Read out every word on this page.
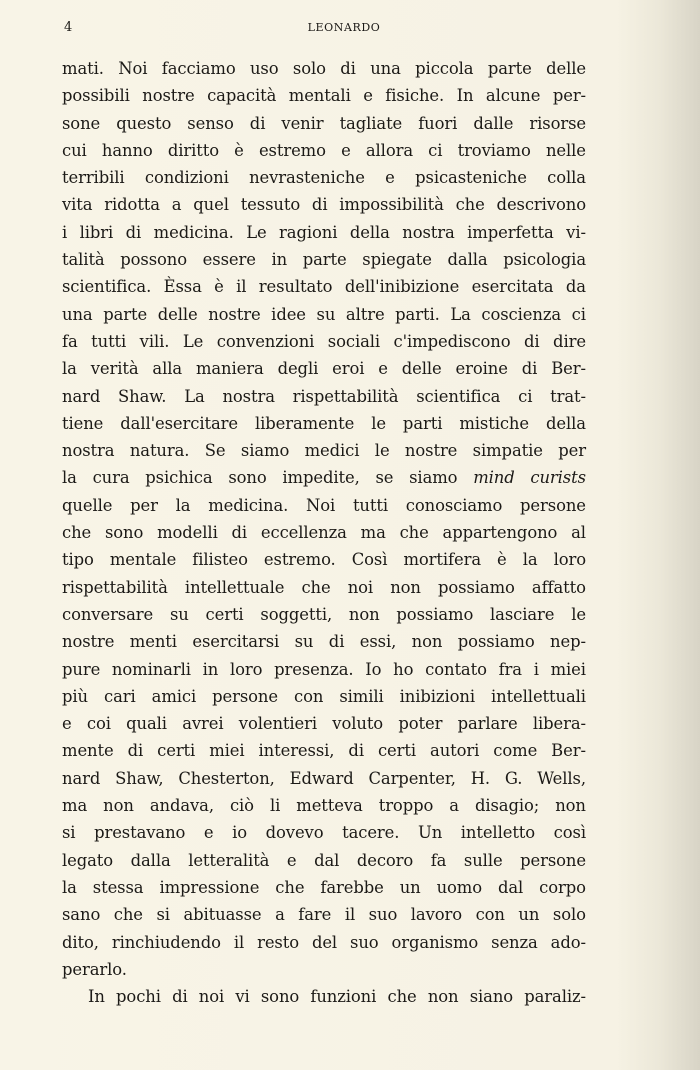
4	LEONARDO
mati. Noi facciamo uso solo di una piccola parte delle
possibili nostre capacità mentali e fisiche. In alcune per-
sone questo senso di venir tagliate fuori dalle risorse
cui hanno diritto è estremo e allora ci troviamo nelle
terribili condizioni nevrasteniche e psicasteniche colla
vita ridotta a quel tessuto di impossibilità che descrivono
i libri di medicina. Le ragioni della nostra imperfetta vi-
talità possono essere in parte spiegate dalla psicologia
scientifica. Èssa è il resultato dell'inibizione esercitata da
una parte delle nostre idee su altre parti. La coscienza ci
fa tutti vili. Le convenzioni sociali c'impediscono di dire
la verità alla maniera degli eroi e delle eroine di Ber-
nard Shaw. La nostra rispettabilità scientifica ci trat-
tiene dall'esercitare liberamente le parti mistiche della
nostra natura. Se siamo medici le nostre simpatie per
la cura psichica sono impedite, se siamo mind curists
quelle per la medicina. Noi tutti conosciamo persone
che sono modelli di eccellenza ma che appartengono al
tipo mentale filisteo estremo. Così mortifera è la loro
rispettabilità intellettuale che noi non possiamo affatto
conversare su certi soggetti, non possiamo lasciare le
nostre menti esercitarsi su di essi, non possiamo nep-
pure nominarli in loro presenza. Io ho contato fra i miei
più cari amici persone con simili inibizioni intellettuali
e coi quali avrei volentieri voluto poter parlare libera-
mente di certi miei interessi, di certi autori come Ber-
nard Shaw, Chesterton, Edward Carpenter, H. G. Wells,
ma non andava, ciò li metteva troppo a disagio; non
si prestavano e io dovevo tacere. Un intelletto così
legato dalla letteralità e dal decoro fa sulle persone
la stessa impressione che farebbe un uomo dal corpo
sano che si abituasse a fare il suo lavoro con un solo
dito, rinchiudendo il resto del suo organismo senza ado-
perarlo.
In pochi di noi vi sono funzioni che non siano paraliz-
